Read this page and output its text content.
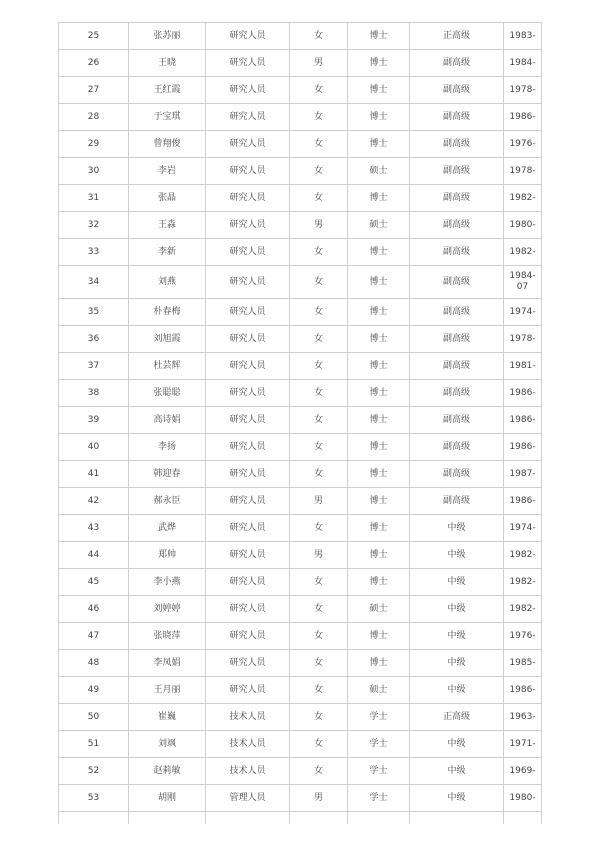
25	张苏丽	研究人员	女	博士	正高级	1983-
26	王晓	研究人员	男	博士	副高级	1984-
27	王红霞	研究人员	女	博士	副高级	1978-
28	于宝琪	研究人员	女	博士	副高级	1986-
29	曾翔俊	研究人员	女	博士	副高级	1976-
30	李岩	研究人员	女	硕士	副高级	1978-
31	张晶	研究人员	女	博士	副高级	1982-
32	王淼	研究人员	男	硕士	副高级	1980-
33	李新	研究人员	女	博士	副高级	1982-
34	刘燕	研究人员	女	博士	副高级	1984-07
35	朴春梅	研究人员	女	博士	副高级	1974-
36	刘旭霞	研究人员	女	博士	副高级	1978-
37	杜芸辉	研究人员	女	博士	副高级	1981-
38	张聪聪	研究人员	女	博士	副高级	1986-
39	高诗娟	研究人员	女	博士	副高级	1986-
40	李扬	研究人员	女	博士	副高级	1986-
41	韩迎春	研究人员	女	博士	副高级	1987-
42	郝永臣	研究人员	男	博士	副高级	1986-
43	武烨	研究人员	女	博士	中级	1974-
44	郑帅	研究人员	男	博士	中级	1982-
45	李小燕	研究人员	女	博士	中级	1982-
46	刘婷婷	研究人员	女	硕士	中级	1982-
47	张晓萍	研究人员	女	博士	中级	1976-
48	李凤娟	研究人员	女	博士	中级	1985-
49	王月丽	研究人员	女	硕士	中级	1986-
50	崔巍	技术人员	女	学士	正高级	1963-
51	刘飒	技术人员	女	学士	中级	1971-
52	赵莉敏	技术人员	女	学士	中级	1969-
53	胡刚	管理人员	男	学士	中级	1980-
